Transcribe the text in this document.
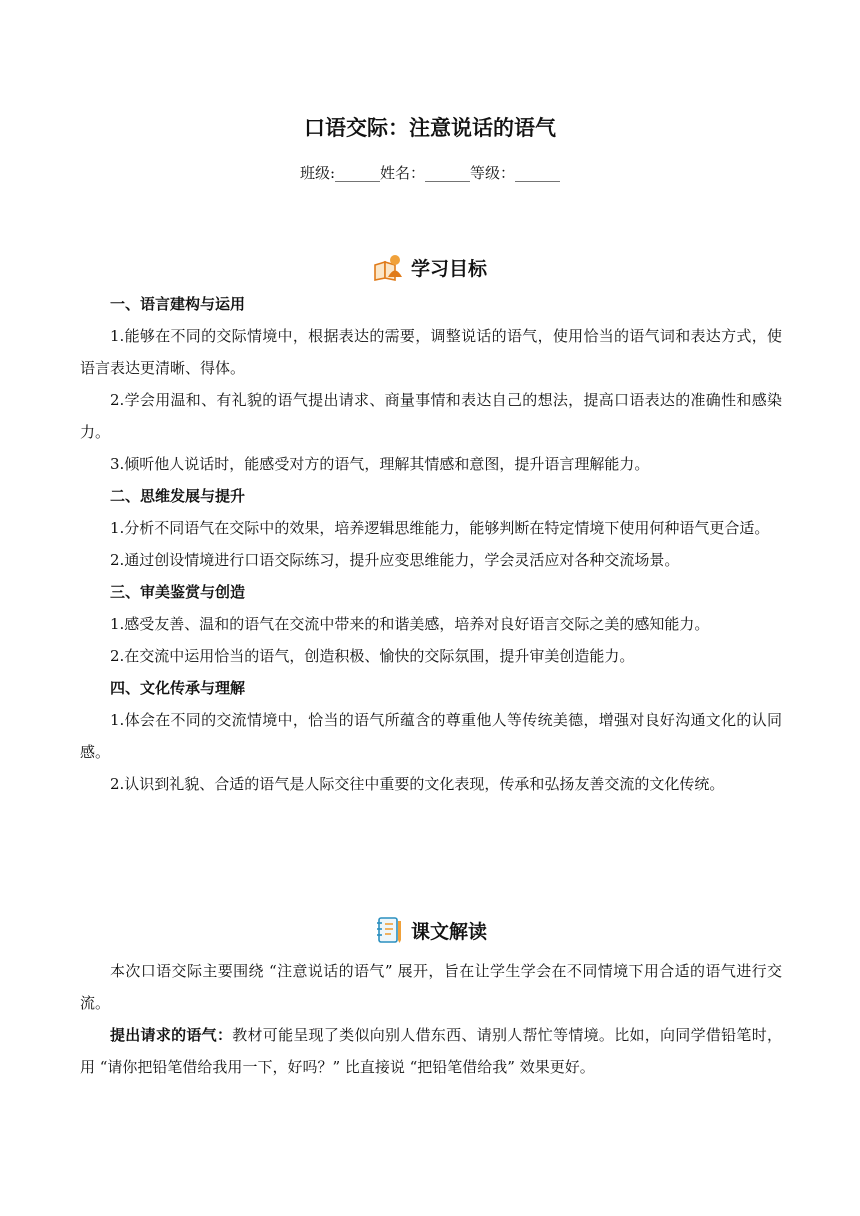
口语交际：注意说话的语气
班级:______姓名：______等级：______
学习目标

一、语言建构与运用

1.能够在不同的交际情境中，根据表达的需要，调整说话的语气，使用恰当的语气词和表达方式，使语言表达更清晰、得体。

2.学会用温和、有礼貌的语气提出请求、商量事情和表达自己的想法，提高口语表达的准确性和感染力。

3.倾听他人说话时，能感受对方的语气，理解其情感和意图，提升语言理解能力。

二、思维发展与提升

1.分析不同语气在交际中的效果，培养逻辑思维能力，能够判断在特定情境下使用何种语气更合适。

2.通过创设情境进行口语交际练习，提升应变思维能力，学会灵活应对各种交流场景。

三、审美鉴赏与创造

1.感受友善、温和的语气在交流中带来的和谐美感，培养对良好语言交际之美的感知能力。

2.在交流中运用恰当的语气，创造积极、愉快的交际氛围，提升审美创造能力。

四、文化传承与理解

1.体会在不同的交流情境中，恰当的语气所蕴含的尊重他人等传统美德，增强对良好沟通文化的认同感。

2.认识到礼貌、合适的语气是人际交往中重要的文化表现，传承和弘扬友善交流的文化传统。

课文解读

本次口语交际主要围绕 “注意说话的语气” 展开，旨在让学生学会在不同情境下用合适的语气进行交流。

提出请求的语气：教材可能呈现了类似向别人借东西、请别人帮忙等情境。比如，向同学借铅笔时，用 “请你把铅笔借给我用一下，好吗？” 比直接说 “把铅笔借给我” 效果更好。
